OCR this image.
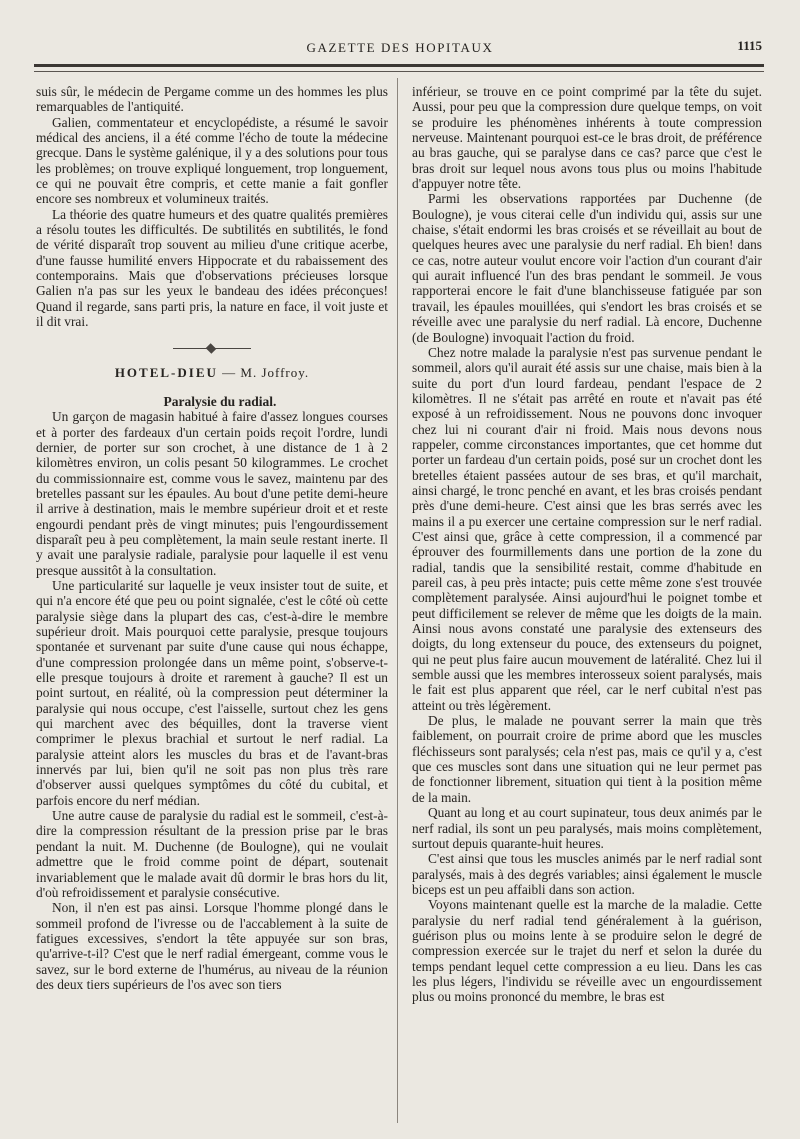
GAZETTE DES HOPITAUX	1115

suis sûr, le médecin de Pergame comme un des hommes les plus remarquables de l'antiquité.

Galien, commentateur et encyclopédiste, a résumé le savoir médical des anciens, il a été comme l'écho de toute la médecine grecque. Dans le système galénique, il y a des solutions pour tous les problèmes; on trouve expliqué longuement, trop longuement, ce qui ne pouvait être compris, et cette manie a fait gonfler encore ses nombreux et volumineux traités.

La théorie des quatre humeurs et des quatre qualités premières a résolu toutes les difficultés. De subtilités en subtilités, le fond de vérité disparaît trop souvent au milieu d'une critique acerbe, d'une fausse humilité envers Hippocrate et du rabaissement des contemporains. Mais que d'observations précieuses lorsque Galien n'a pas sur les yeux le bandeau des idées préconçues! Quand il regarde, sans parti pris, la nature en face, il voit juste et il dit vrai.

HOTEL-DIEU — M. Joffroy.

Paralysie du radial.

Un garçon de magasin habitué à faire d'assez longues courses et à porter des fardeaux d'un certain poids reçoit l'ordre, lundi dernier, de porter sur son crochet, à une distance de 1 à 2 kilomètres environ, un colis pesant 50 kilogrammes. Le crochet du commissionnaire est, comme vous le savez, maintenu par des bretelles passant sur les épaules. Au bout d'une petite demi-heure il arrive à destination, mais le membre supérieur droit et et reste engourdi pendant près de vingt minutes; puis l'engourdissement disparaît peu à peu complètement, la main seule restant inerte. Il y avait une paralysie radiale, paralysie pour laquelle il est venu presque aussitôt à la consultation.

Une particularité sur laquelle je veux insister tout de suite, et qui n'a encore été que peu ou point signalée, c'est le côté où cette paralysie siège dans la plupart des cas, c'est-à-dire le membre supérieur droit. Mais pourquoi cette paralysie, presque toujours spontanée et survenant par suite d'une cause qui nous échappe, d'une compression prolongée dans un même point, s'observe-t-elle presque toujours à droite et rarement à gauche? Il est un point surtout, en réalité, où la compression peut déterminer la paralysie qui nous occupe, c'est l'aisselle, surtout chez les gens qui marchent avec des béquilles, dont la traverse vient comprimer le plexus brachial et surtout le nerf radial. La paralysie atteint alors les muscles du bras et de l'avant-bras innervés par lui, bien qu'il ne soit pas non plus très rare d'observer aussi quelques symptômes du côté du cubital, et parfois encore du nerf médian.

Une autre cause de paralysie du radial est le sommeil, c'est-à-dire la compression résultant de la pression prise par le bras pendant la nuit. M. Duchenne (de Boulogne), qui ne voulait admettre que le froid comme point de départ, soutenait invariablement que le malade avait dû dormir le bras hors du lit, d'où refroidissement et paralysie consécutive.

Non, il n'en est pas ainsi. Lorsque l'homme plongé dans le sommeil profond de l'ivresse ou de l'accablement à la suite de fatigues excessives, s'endort la tête appuyée sur son bras, qu'arrive-t-il? C'est que le nerf radial émergeant, comme vous le savez, sur le bord externe de l'humérus, au niveau de la réunion des deux tiers supérieurs de l'os avec son tiers

inférieur, se trouve en ce point comprimé par la tête du sujet. Aussi, pour peu que la compression dure quelque temps, on voit se produire les phénomènes inhérents à toute compression nerveuse. Maintenant pourquoi est-ce le bras droit, de préférence au bras gauche, qui se paralyse dans ce cas? parce que c'est le bras droit sur lequel nous avons tous plus ou moins l'habitude d'appuyer notre tête.

Parmi les observations rapportées par Duchenne (de Boulogne), je vous citerai celle d'un individu qui, assis sur une chaise, s'était endormi les bras croisés et se réveillait au bout de quelques heures avec une paralysie du nerf radial. Eh bien! dans ce cas, notre auteur voulut encore voir l'action d'un courant d'air qui aurait influencé l'un des bras pendant le sommeil. Je vous rapporterai encore le fait d'une blanchisseuse fatiguée par son travail, les épaules mouillées, qui s'endort les bras croisés et se réveille avec une paralysie du nerf radial. Là encore, Duchenne (de Boulogne) invoquait l'action du froid.

Chez notre malade la paralysie n'est pas survenue pendant le sommeil, alors qu'il aurait été assis sur une chaise, mais bien à la suite du port d'un lourd fardeau, pendant l'espace de 2 kilomètres. Il ne s'était pas arrêté en route et n'avait pas été exposé à un refroidissement. Nous ne pouvons donc invoquer chez lui ni courant d'air ni froid. Mais nous devons nous rappeler, comme circonstances importantes, que cet homme dut porter un fardeau d'un certain poids, posé sur un crochet dont les bretelles étaient passées autour de ses bras, et qu'il marchait, ainsi chargé, le tronc penché en avant, et les bras croisés pendant près d'une demi-heure. C'est ainsi que les bras serrés avec les mains il a pu exercer une certaine compression sur le nerf radial. C'est ainsi que, grâce à cette compression, il a commencé par éprouver des fourmillements dans une portion de la zone du radial, tandis que la sensibilité restait, comme d'habitude en pareil cas, à peu près intacte; puis cette même zone s'est trouvée complètement paralysée. Ainsi aujourd'hui le poignet tombe et peut difficilement se relever de même que les doigts de la main. Ainsi nous avons constaté une paralysie des extenseurs des doigts, du long extenseur du pouce, des extenseurs du poignet, qui ne peut plus faire aucun mouvement de latéralité. Chez lui il semble aussi que les membres interosseux soient paralysés, mais le fait est plus apparent que réel, car le nerf cubital n'est pas atteint ou très légèrement.

De plus, le malade ne pouvant serrer la main que très faiblement, on pourrait croire de prime abord que les muscles fléchisseurs sont paralysés; cela n'est pas, mais ce qu'il y a, c'est que ces muscles sont dans une situation qui ne leur permet pas de fonctionner librement, situation qui tient à la position même de la main.

Quant au long et au court supinateur, tous deux animés par le nerf radial, ils sont un peu paralysés, mais moins complètement, surtout depuis quarante-huit heures.

C'est ainsi que tous les muscles animés par le nerf radial sont paralysés, mais à des degrés variables; ainsi également le muscle biceps est un peu affaibli dans son action.

Voyons maintenant quelle est la marche de la maladie. Cette paralysie du nerf radial tend généralement à la guérison, guérison plus ou moins lente à se produire selon le degré de compression exercée sur le trajet du nerf et selon la durée du temps pendant lequel cette compression a eu lieu. Dans les cas les plus légers, l'individu se réveille avec un engourdissement plus ou moins prononcé du membre, le bras est
